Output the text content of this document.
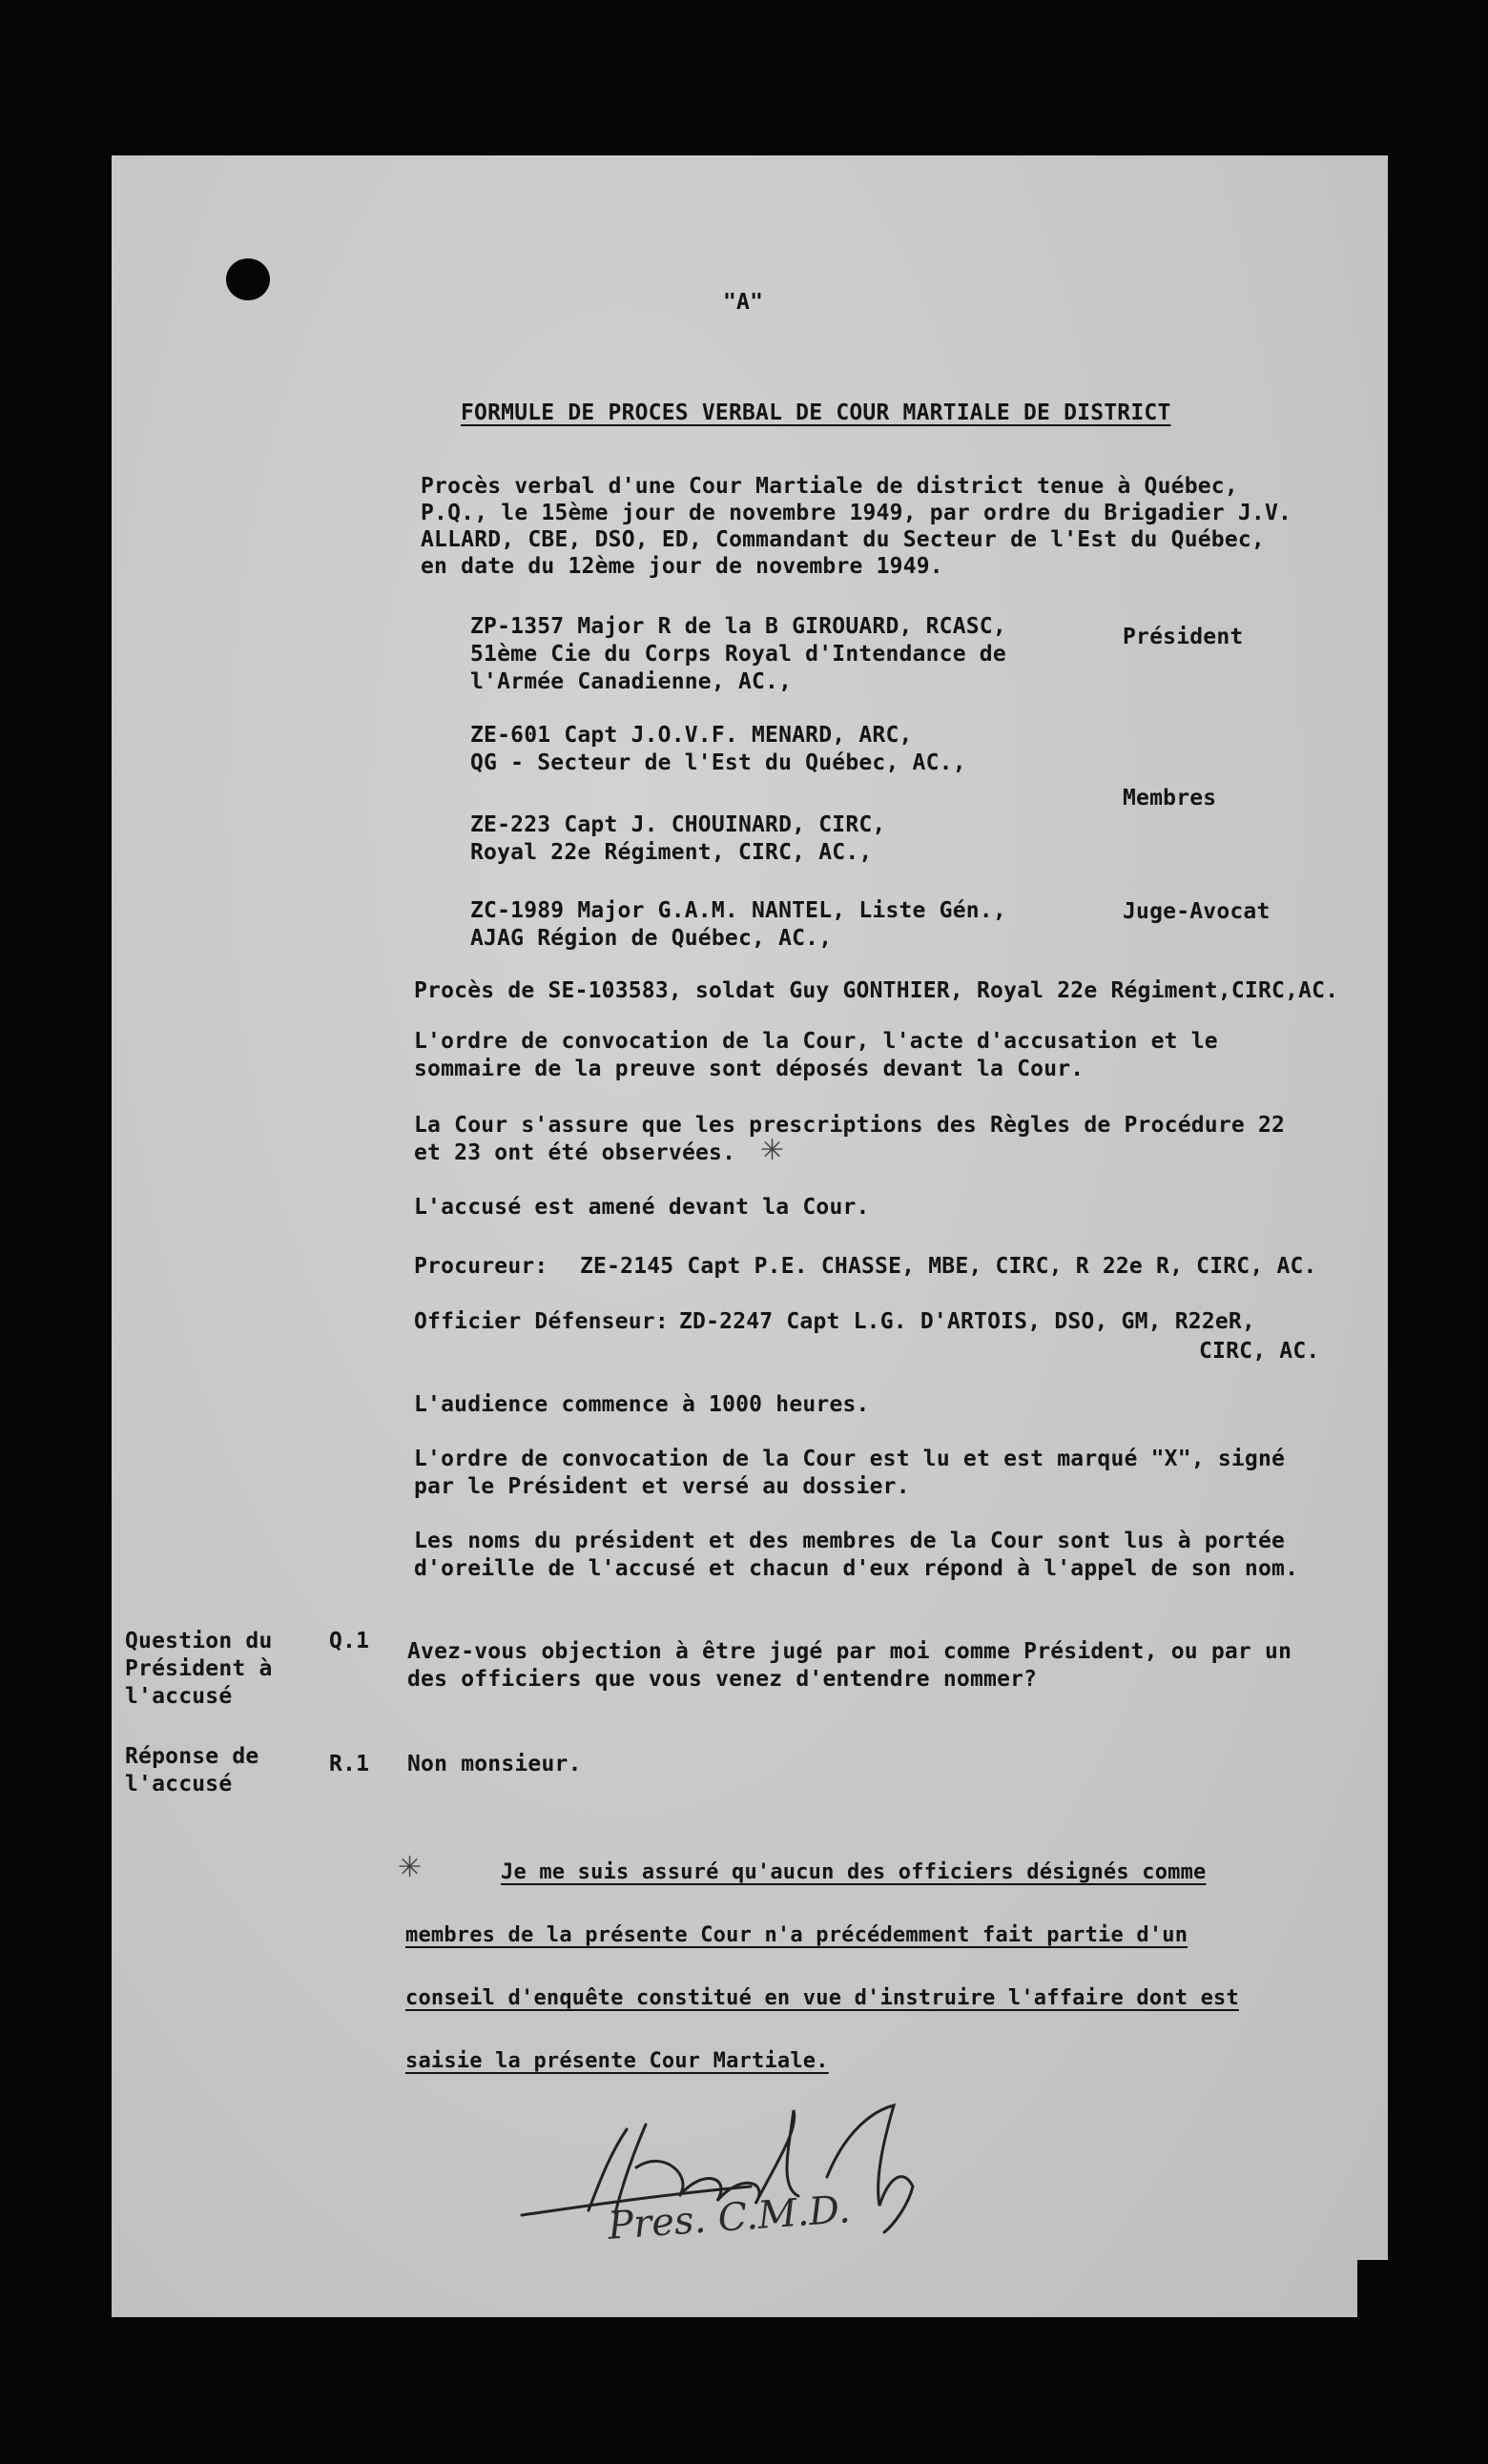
"A"
FORMULE DE PROCES VERBAL DE COUR MARTIALE DE DISTRICT
Procès verbal d'une Cour Martiale de district tenue à Québec,
P.Q., le 15ème jour de novembre 1949, par ordre du Brigadier J.V.
ALLARD, CBE, DSO, ED, Commandant du Secteur de l'Est du Québec,
en date du 12ème jour de novembre 1949.
ZP-1357 Major R de la B GIROUARD, RCASC,
51ème Cie du Corps Royal d'Intendance de
l'Armée Canadienne, AC.,
Président
ZE-601 Capt J.O.V.F. MENARD, ARC,
QG - Secteur de l'Est du Québec, AC.,
Membres
ZE-223 Capt J. CHOUINARD, CIRC,
Royal 22e Régiment, CIRC, AC.,
ZC-1989 Major G.A.M. NANTEL, Liste Gén.,
AJAG Région de Québec, AC.,
Juge-Avocat
Procès de SE-103583, soldat Guy GONTHIER, Royal 22e Régiment,CIRC,AC.
L'ordre de convocation de la Cour, l'acte d'accusation et le
sommaire de la preuve sont déposés devant la Cour.
La Cour s'assure que les prescriptions des Règles de Procédure 22
et 23 ont été observées. ✳
L'accusé est amené devant la Cour.
Procureur: ZE-2145 Capt P.E. CHASSE, MBE, CIRC, R 22e R, CIRC, AC.
Officier Défenseur: ZD-2247 Capt L.G. D'ARTOIS, DSO, GM, R22eR,
CIRC, AC.
L'audience commence à 1000 heures.
L'ordre de convocation de la Cour est lu et est marqué "X", signé
par le Président et versé au dossier.
Les noms du président et des membres de la Cour sont lus à portée
d'oreille de l'accusé et chacun d'eux répond à l'appel de son nom.
Question du
Président à
l'accusé
Q.1 Avez-vous objection à être jugé par moi comme Président, ou par un
des officiers que vous venez d'entendre nommer?
Réponse de
l'accusé
R.1 Non monsieur.
✳	Je me suis assuré qu'aucun des officiers désignés comme
membres de la présente Cour n'a précédemment fait partie d'un
conseil d'enquête constitué en vue d'instruire l'affaire dont est
saisie la présente Cour Martiale.
Pres. C.M.D.
